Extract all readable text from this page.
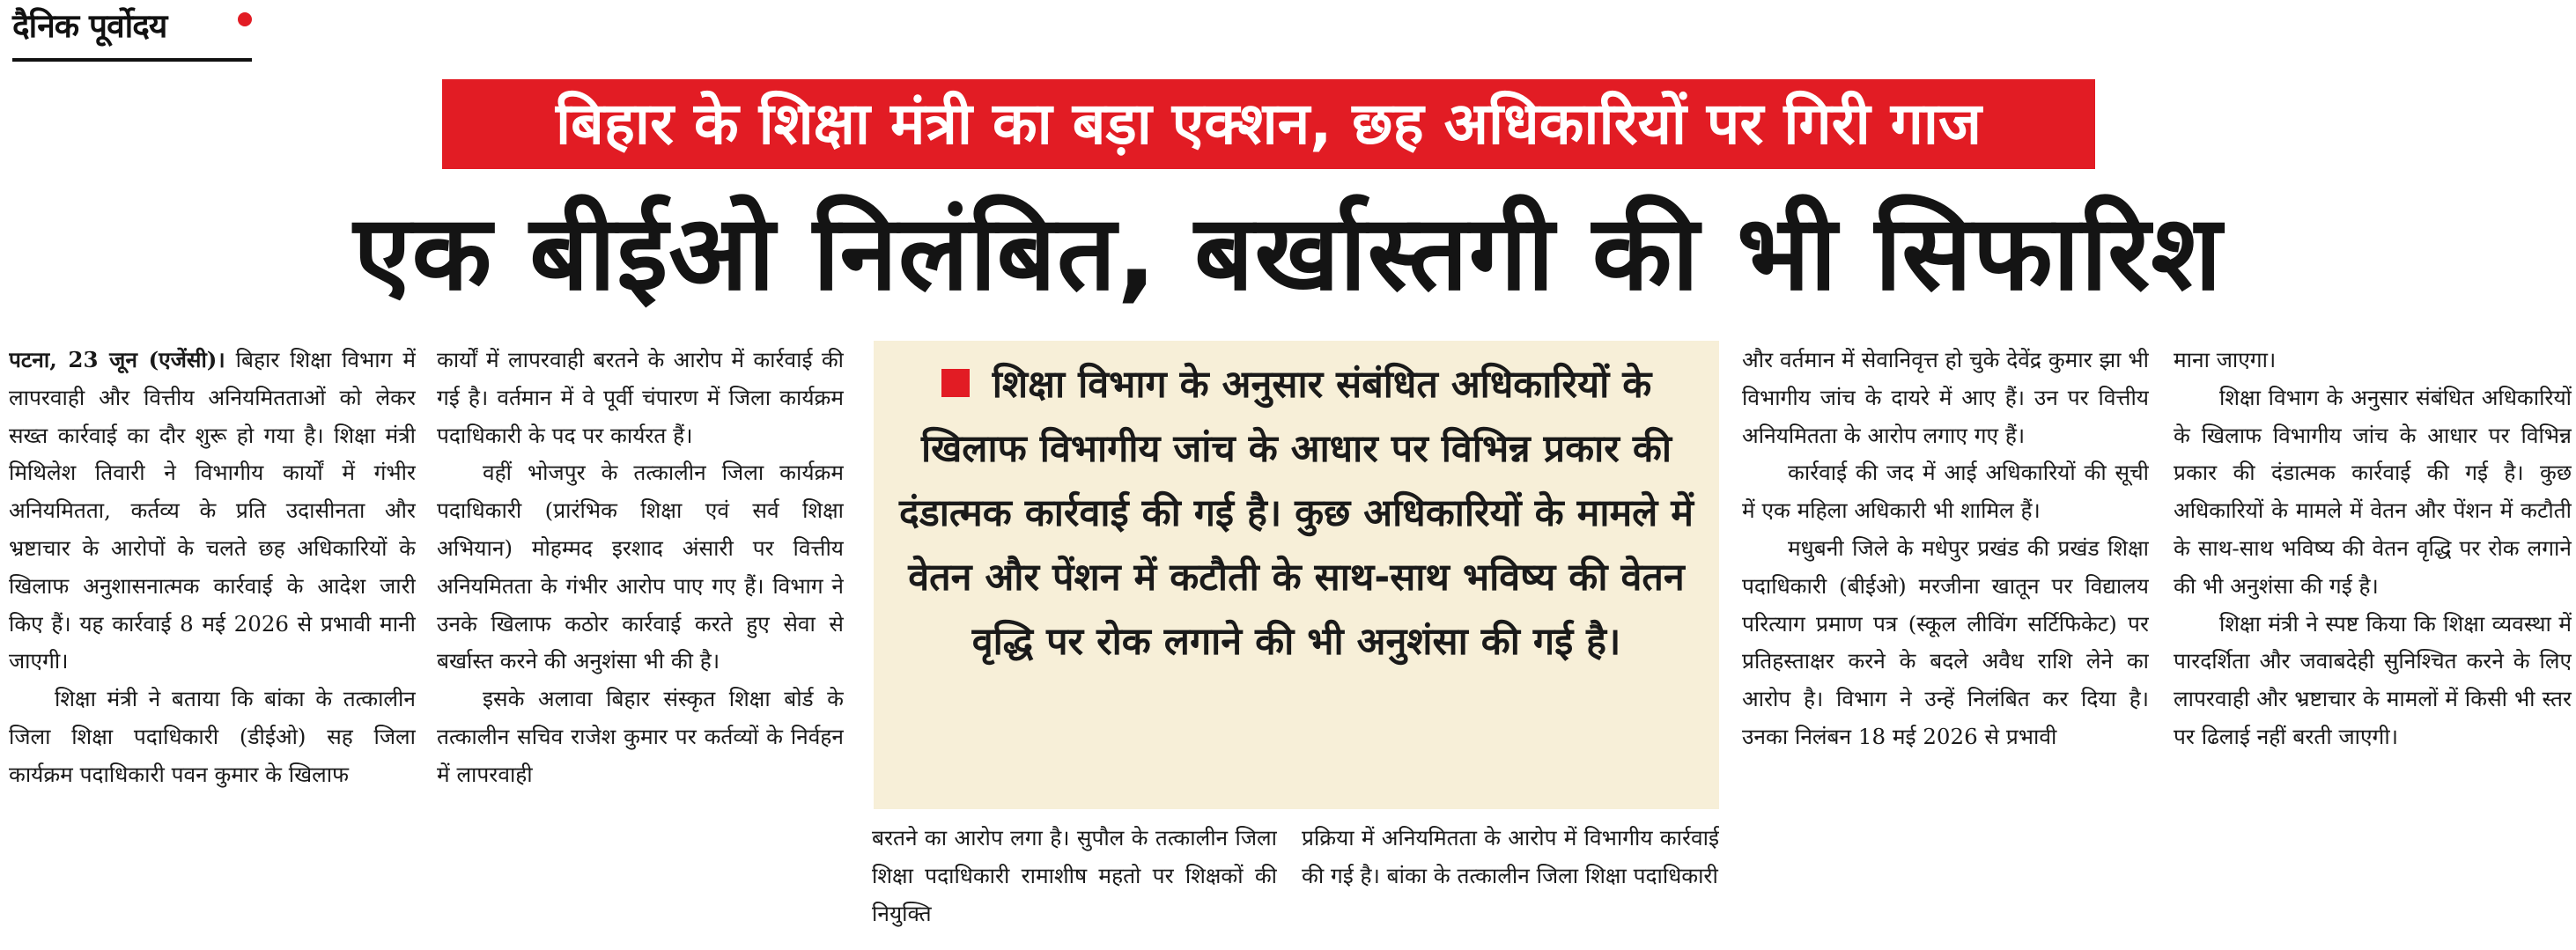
दैनिक पूर्वोदय
बिहार के शिक्षा मंत्री का बड़ा एक्शन, छह अधिकारियों पर गिरी गाज
एक बीईओ निलंबित, बर्खास्तगी की भी सिफारिश

पटना, 23 जून (एजेंसी)। बिहार शिक्षा विभाग में लापरवाही और वित्तीय अनियमितताओं को लेकर सख्त कार्रवाई का दौर शुरू हो गया है। शिक्षा मंत्री मिथिलेश तिवारी ने विभागीय कार्यों में गंभीर अनियमितता, कर्तव्य के प्रति उदासीनता और भ्रष्टाचार के आरोपों के चलते छह अधिकारियों के खिलाफ अनुशासनात्मक कार्रवाई के आदेश जारी किए हैं। यह कार्रवाई 8 मई 2026 से प्रभावी मानी जाएगी।

शिक्षा मंत्री ने बताया कि बांका के तत्कालीन जिला शिक्षा पदाधिकारी (डीईओ) सह जिला कार्यक्रम पदाधिकारी पवन कुमार के खिलाफ

कार्यों में लापरवाही बरतने के आरोप में कार्रवाई की गई है। वर्तमान में वे पूर्वी चंपारण में जिला कार्यक्रम पदाधिकारी के पद पर कार्यरत हैं।

वहीं भोजपुर के तत्कालीन जिला कार्यक्रम पदाधिकारी (प्रारंभिक शिक्षा एवं सर्व शिक्षा अभियान) मोहम्मद इरशाद अंसारी पर वित्तीय अनियमितता के गंभीर आरोप पाए गए हैं। विभाग ने उनके खिलाफ कठोर कार्रवाई करते हुए सेवा से बर्खास्त करने की अनुशंसा भी की है।

इसके अलावा बिहार संस्कृत शिक्षा बोर्ड के तत्कालीन सचिव राजेश कुमार पर कर्तव्यों के निर्वहन में लापरवाही

शिक्षा विभाग के अनुसार संबंधित अधिकारियों के खिलाफ विभागीय जांच के आधार पर विभिन्न प्रकार की दंडात्मक कार्रवाई की गई है। कुछ अधिकारियों के मामले में वेतन और पेंशन में कटौती के साथ-साथ भविष्य की वेतन वृद्धि पर रोक लगाने की भी अनुशंसा की गई है।

बरतने का आरोप लगा है। सुपौल के तत्कालीन जिला शिक्षा पदाधिकारी रामाशीष महतो पर शिक्षकों की नियुक्ति

प्रक्रिया में अनियमितता के आरोप में विभागीय कार्रवाई की गई है। बांका के तत्कालीन जिला शिक्षा पदाधिकारी

और वर्तमान में सेवानिवृत्त हो चुके देवेंद्र कुमार झा भी विभागीय जांच के दायरे में आए हैं। उन पर वित्तीय अनियमितता के आरोप लगाए गए हैं।

कार्रवाई की जद में आई अधिकारियों की सूची में एक महिला अधिकारी भी शामिल हैं।

मधुबनी जिले के मधेपुर प्रखंड की प्रखंड शिक्षा पदाधिकारी (बीईओ) मरजीना खातून पर विद्यालय परित्याग प्रमाण पत्र (स्कूल लीविंग सर्टिफिकेट) पर प्रतिहस्ताक्षर करने के बदले अवैध राशि लेने का आरोप है। विभाग ने उन्हें निलंबित कर दिया है। उनका निलंबन 18 मई 2026 से प्रभावी

माना जाएगा।

शिक्षा विभाग के अनुसार संबंधित अधिकारियों के खिलाफ विभागीय जांच के आधार पर विभिन्न प्रकार की दंडात्मक कार्रवाई की गई है। कुछ अधिकारियों के मामले में वेतन और पेंशन में कटौती के साथ-साथ भविष्य की वेतन वृद्धि पर रोक लगाने की भी अनुशंसा की गई है।

शिक्षा मंत्री ने स्पष्ट किया कि शिक्षा व्यवस्था में पारदर्शिता और जवाबदेही सुनिश्चित करने के लिए लापरवाही और भ्रष्टाचार के मामलों में किसी भी स्तर पर ढिलाई नहीं बरती जाएगी।
